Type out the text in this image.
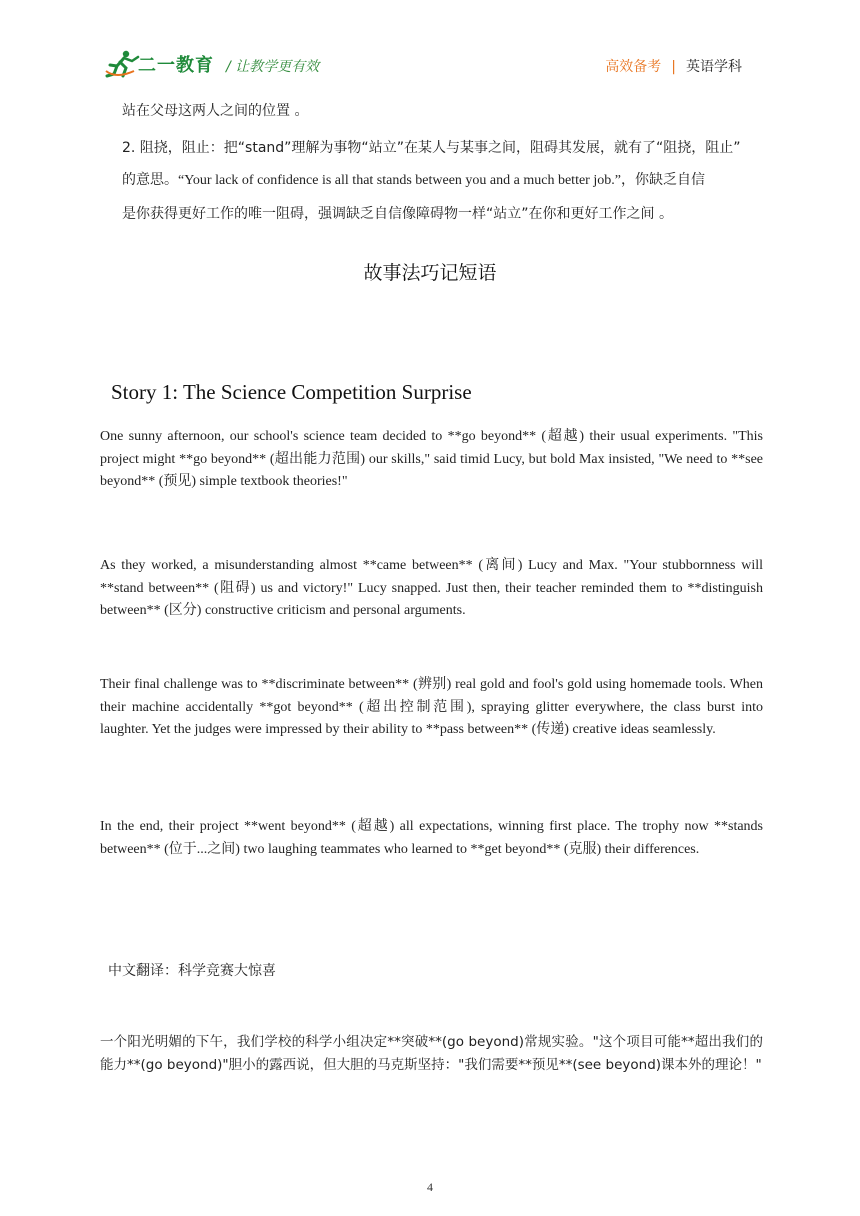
二一教育 / 让教学更有效	高效备考 | 英语学科
站在父母这两人之间的位置 。
2. 阻挠，阻止：把“stand”理解为事物“站立”在某人与某事之间，阻碍其发展，就有了“阻挠，阻止”
的意思。“Your lack of confidence is all that stands between you and a much better job.”，你缺乏自信
是你获得更好工作的唯一阻碍，强调缺乏自信像障碍物一样“站立”在你和更好工作之间 。
故事法巧记短语
Story 1: The Science Competition Surprise

One sunny afternoon, our school's science team decided to **go beyond** (超越) their usual experiments. "This project might **go beyond** (超出能力范围) our skills," said timid Lucy, but bold Max insisted, "We need to **see beyond** (预见) simple textbook theories!"

As they worked, a misunderstanding almost **came between** (离间) Lucy and Max. "Your stubbornness will **stand between** (阻碍) us and victory!" Lucy snapped. Just then, their teacher reminded them to **distinguish between** (区分) constructive criticism and personal arguments.

Their final challenge was to **discriminate between** (辨别) real gold and fool's gold using homemade tools. When their machine accidentally **got beyond** (超出控制范围), spraying glitter everywhere, the class burst into laughter. Yet the judges were impressed by their ability to **pass between** (传递) creative ideas seamlessly.

In the end, their project **went beyond** (超越) all expectations, winning first place. The trophy now **stands between** (位于...之间) two laughing teammates who learned to **get beyond** (克服) their differences.

中文翻译：科学竞赛大惊喜

一个阳光明媚的下午，我们学校的科学小组决定**突破**(go beyond)常规实验。"这个项目可能**超出我们的能力**(go beyond)"胆小的露西说，但大胆的马克斯坚持："我们需要**预见**(see beyond)课本外的理论！"

4
